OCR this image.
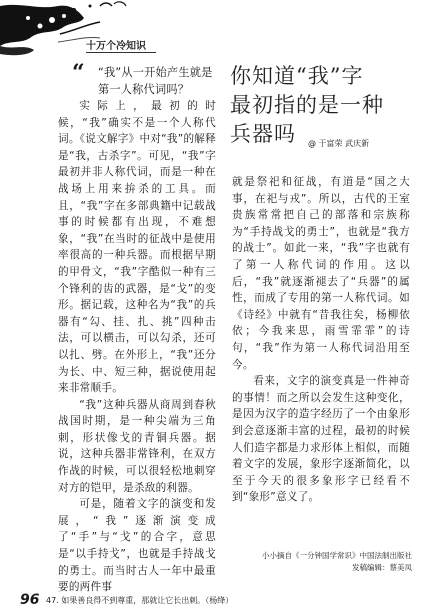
十万个冷知识
“ “我”从一开始产生就是第一人称代词吗？
你知道“我”字
最初指的是一种
兵器吗	@ 于富荣 武庆新

实际上，最初的时候，“我”确实不是一个人称代词。《说文解字》中对“我”的解释是“我，古杀字”。可见，“我”字最初并非人称代词，而是一种在战场上用来拚杀的工具。而且，“我”字在多部典籍中记载战事的时候都有出现，不难想象，“我”在当时的征战中是使用率很高的一种兵器。而根据早期的甲骨文，“我”字酷似一种有三个锋利的齿的武器，是“戈”的变形。据记载，这种名为“我”的兵器有“勾、挂、扎、挑”四种击法，可以横击，可以勾杀，还可以扎、劈。在外形上，“我”还分为长、中、短三种，据说使用起来非常顺手。

“我”这种兵器从商周到春秋战国时期，是一种尖端为三角刺，形状像戈的青铜兵器。据说，这种兵器非常锋利，在双方作战的时候，可以很轻松地刺穿对方的铠甲，是杀敌的利器。

可是，随着文字的演变和发展，“我”逐渐演变成了“手”与“戈”的合字，意思是“以手持戈”，也就是手持战戈的勇士。而当时古人一年中最重要的两件事

就是祭祀和征战，有道是“国之大事，在祀与戎”。所以，古代的王室贵族常常把自己的部落和宗族称为“手持战戈的勇士”，也就是“我方的战士”。如此一来，“我”字也就有了第一人称代词的作用。这以后，“我”就逐渐褪去了“兵器”的属性，而成了专用的第一人称代词。如《诗经》中就有“昔我往矣，杨柳依依；今我来思，雨雪霏霏”的诗句，“我”作为第一人称代词沿用至今。

看来，文字的演变真是一件神奇的事情！而之所以会发生这种变化，是因为汉字的造字经历了一个由象形到会意逐渐丰富的过程，最初的时候人们造字都是力求形体上相似，而随着文字的发展，象形字逐渐简化，以至于今天的很多象形字已经看不到“象形”意义了。

小小摘自《一分钟国学常识》中国法制出版社
发稿编辑：蔡美凤
96 47. 如果善良得不到尊重，那就让它长出刺。（杨绛）
